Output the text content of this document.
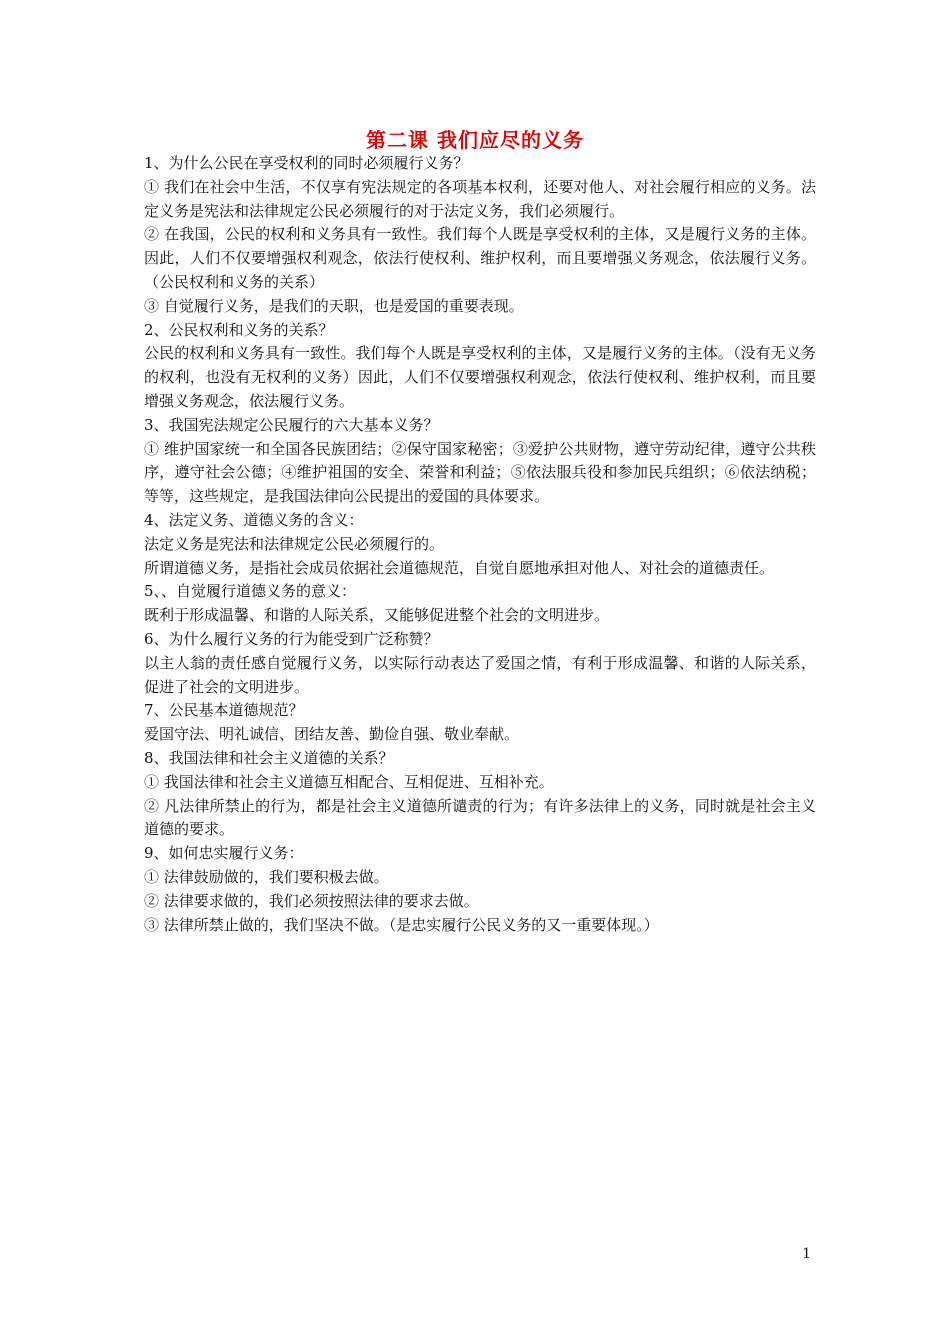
第二课 我们应尽的义务

1、为什么公民在享受权利的同时必须履行义务？

① 我们在社会中生活，不仅享有宪法规定的各项基本权利，还要对他人、对社会履行相应的义务。法定义务是宪法和法律规定公民必须履行的对于法定义务，我们必须履行。

② 在我国，公民的权利和义务具有一致性。我们每个人既是享受权利的主体，又是履行义务的主体。因此，人们不仅要增强权利观念，依法行使权利、维护权利，而且要增强义务观念，依法履行义务。（公民权利和义务的关系）

③ 自觉履行义务，是我们的天职，也是爱国的重要表现。

2、公民权利和义务的关系？

公民的权利和义务具有一致性。我们每个人既是享受权利的主体，又是履行义务的主体。（没有无义务的权利，也没有无权利的义务）因此，人们不仅要增强权利观念，依法行使权利、维护权利，而且要增强义务观念，依法履行义务。

3、我国宪法规定公民履行的六大基本义务？

① 维护国家统一和全国各民族团结；②保守国家秘密；③爱护公共财物，遵守劳动纪律，遵守公共秩序，遵守社会公德；④维护祖国的安全、荣誉和利益；⑤依法服兵役和参加民兵组织；⑥依法纳税；等等，这些规定，是我国法律向公民提出的爱国的具体要求。

4、法定义务、道德义务的含义：

法定义务是宪法和法律规定公民必须履行的。

所谓道德义务，是指社会成员依据社会道德规范，自觉自愿地承担对他人、对社会的道德责任。

5、、自觉履行道德义务的意义：

既利于形成温馨、和谐的人际关系，又能够促进整个社会的文明进步。

6、为什么履行义务的行为能受到广泛称赞？

以主人翁的责任感自觉履行义务，以实际行动表达了爱国之情，有利于形成温馨、和谐的人际关系，促进了社会的文明进步。

7、公民基本道德规范？

爱国守法、明礼诚信、团结友善、勤俭自强、敬业奉献。

8、我国法律和社会主义道德的关系？

① 我国法律和社会主义道德互相配合、互相促进、互相补充。

② 凡法律所禁止的行为，都是社会主义道德所谴责的行为；有许多法律上的义务，同时就是社会主义道德的要求。

9、如何忠实履行义务：

① 法律鼓励做的，我们要积极去做。

② 法律要求做的，我们必须按照法律的要求去做。

③ 法律所禁止做的，我们坚决不做。（是忠实履行公民义务的又一重要体现。）

1
